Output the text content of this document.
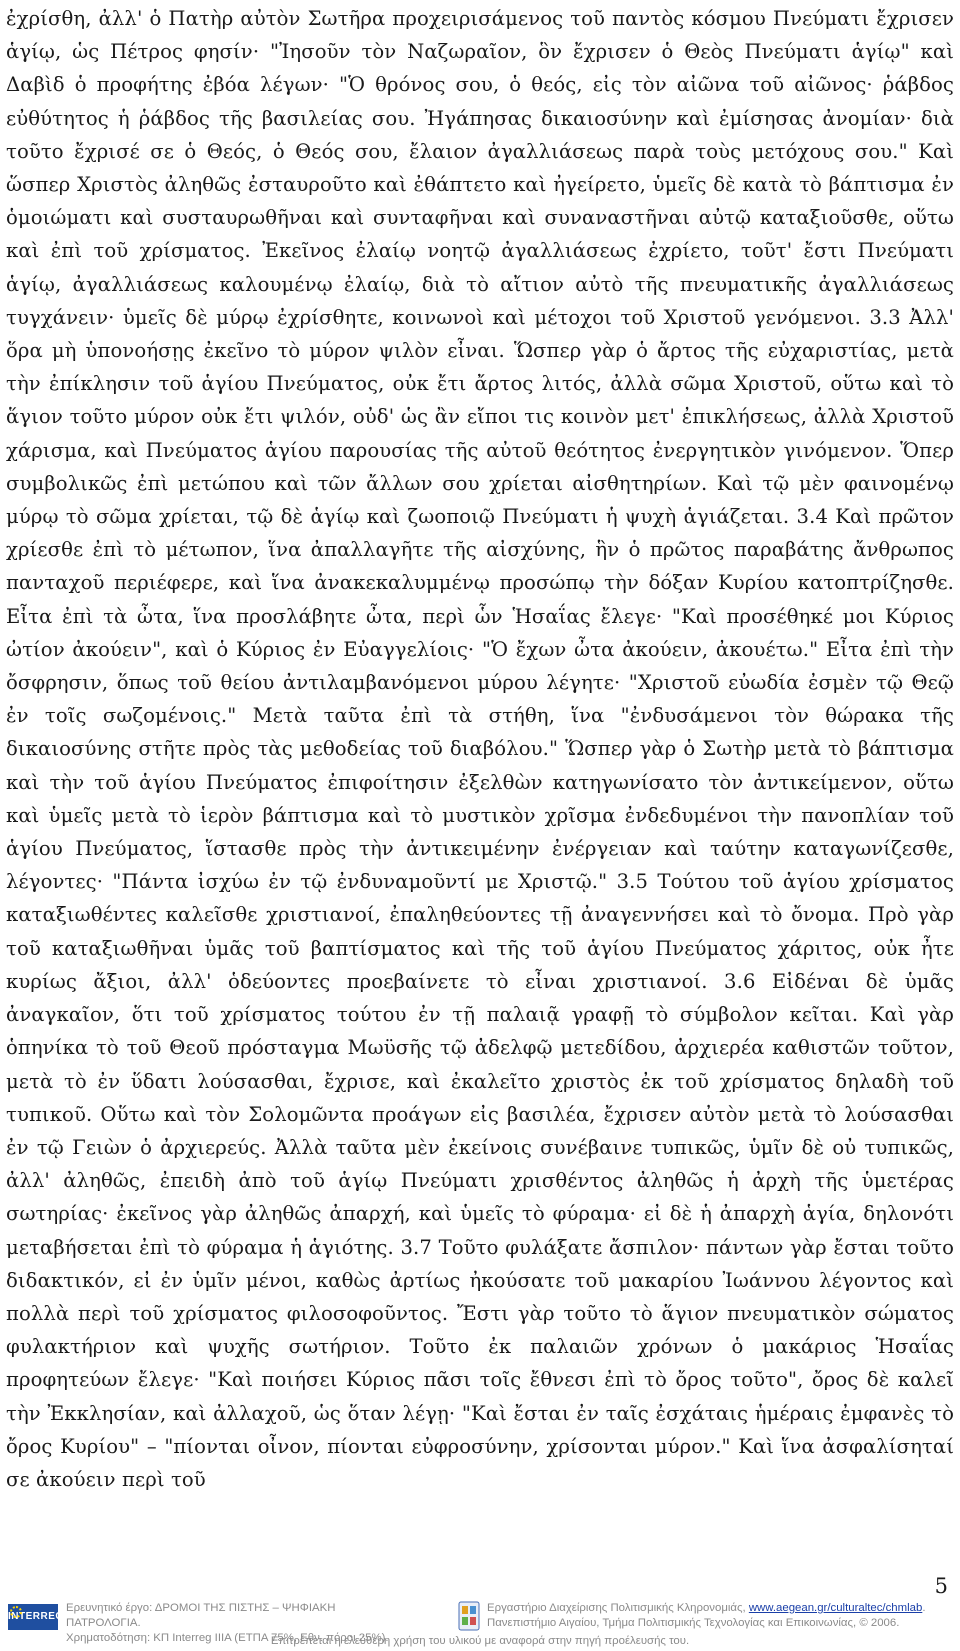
ἐχρίσθη, ἀλλ' ὁ Πατὴρ αὐτὸν Σωτῆρα προχειρισάμενος τοῦ παντὸς κόσμου Πνεύματι ἔχρισεν ἁγίῳ, ὡς Πέτρος φησίν· "Ἰησοῦν τὸν Ναζωραῖον, ὃν ἔχρισεν ὁ Θεὸς Πνεύματι ἁγίῳ" καὶ Δαβὶδ ὁ προφήτης ἐβόα λέγων· "Ὁ θρόνος σου, ὁ θεός, εἰς τὸν αἰῶνα τοῦ αἰῶνος· ῥάβδος εὐθύτητος ἡ ῥάβδος τῆς βασιλείας σου. Ἠγάπησας δικαιοσύνην καὶ ἐμίσησας ἀνομίαν· διὰ τοῦτο ἔχρισέ σε ὁ Θεός, ὁ Θεός σου, ἔλαιον ἀγαλλιάσεως παρὰ τοὺς μετόχους σου." Καὶ ὥσπερ Χριστὸς ἀληθῶς ἐσταυροῦτο καὶ ἐθάπτετο καὶ ἠγείρετο, ὑμεῖς δὲ κατὰ τὸ βάπτισμα ἐν ὁμοιώματι καὶ συσταυρωθῆναι καὶ συνταφῆναι καὶ συναναστῆναι αὐτῷ καταξιοῦσθε, οὕτω καὶ ἐπὶ τοῦ χρίσματος. Ἐκεῖνος ἐλαίῳ νοητῷ ἀγαλλιάσεως ἐχρίετο, τοῦτ' ἔστι Πνεύματι ἁγίῳ, ἀγαλλιάσεως καλουμένῳ ἐλαίῳ, διὰ τὸ αἴτιον αὐτὸ τῆς πνευματικῆς ἀγαλλιάσεως τυγχάνειν· ὑμεῖς δὲ μύρῳ ἐχρίσθητε, κοινωνοὶ καὶ μέτοχοι τοῦ Χριστοῦ γενόμενοι. 3.3 Ἀλλ' ὅρα μὴ ὑπονοήσῃς ἐκεῖνο τὸ μύρον ψιλὸν εἶναι. Ὥσπερ γὰρ ὁ ἄρτος τῆς εὐχαριστίας, μετὰ τὴν ἐπίκλησιν τοῦ ἁγίου Πνεύματος, οὐκ ἔτι ἄρτος λιτός, ἀλλὰ σῶμα Χριστοῦ, οὕτω καὶ τὸ ἅγιον τοῦτο μύρον οὐκ ἔτι ψιλόν, οὐδ' ὡς ἂν εἴποι τις κοινὸν μετ' ἐπικλήσεως, ἀλλὰ Χριστοῦ χάρισμα, καὶ Πνεύματος ἁγίου παρουσίας τῆς αὐτοῦ θεότητος ἐνεργητικὸν γινόμενον. Ὅπερ συμβολικῶς ἐπὶ μετώπου καὶ τῶν ἄλλων σου χρίεται αἰσθητηρίων. Καὶ τῷ μὲν φαινομένῳ μύρῳ τὸ σῶμα χρίεται, τῷ δὲ ἁγίῳ καὶ ζωοποιῷ Πνεύματι ἡ ψυχὴ ἁγιάζεται. 3.4 Καὶ πρῶτον χρίεσθε ἐπὶ τὸ μέτωπον, ἵνα ἀπαλλαγῆτε τῆς αἰσχύνης, ἣν ὁ πρῶτος παραβάτης ἄνθρωπος πανταχοῦ περιέφερε, καὶ ἵνα ἀνακεκαλυμμένῳ προσώπῳ τὴν δόξαν Κυρίου κατοπτρίζησθε. Εἶτα ἐπὶ τὰ ὦτα, ἵνα προσλάβητε ὦτα, περὶ ὧν Ἡσαΐας ἔλεγε· "Καὶ προσέθηκέ μοι Κύριος ὠτίον ἀκούειν", καὶ ὁ Κύριος ἐν Εὐαγγελίοις· "Ὁ ἔχων ὦτα ἀκούειν, ἀκουέτω." Εἶτα ἐπὶ τὴν ὄσφρησιν, ὅπως τοῦ θείου ἀντιλαμβανόμενοι μύρου λέγητε· "Χριστοῦ εὐωδία ἐσμὲν τῷ Θεῷ ἐν τοῖς σωζομένοις." Μετὰ ταῦτα ἐπὶ τὰ στήθη, ἵνα "ἐνδυσάμενοι τὸν θώρακα τῆς δικαιοσύνης στῆτε πρὸς τὰς μεθοδείας τοῦ διαβόλου." Ὥσπερ γὰρ ὁ Σωτὴρ μετὰ τὸ βάπτισμα καὶ τὴν τοῦ ἁγίου Πνεύματος ἐπιφοίτησιν ἐξελθὼν κατηγωνίσατο τὸν ἀντικείμενον, οὕτω καὶ ὑμεῖς μετὰ τὸ ἱερὸν βάπτισμα καὶ τὸ μυστικὸν χρῖσμα ἐνδεδυμένοι τὴν πανοπλίαν τοῦ ἁγίου Πνεύματος, ἵστασθε πρὸς τὴν ἀντικειμένην ἐνέργειαν καὶ ταύτην καταγωνίζεσθε, λέγοντες· "Πάντα ἰσχύω ἐν τῷ ἐνδυναμοῦντί με Χριστῷ." 3.5 Τούτου τοῦ ἁγίου χρίσματος καταξιωθέντες καλεῖσθε χριστιανοί, ἐπαληθεύοντες τῇ ἀναγεννήσει καὶ τὸ ὄνομα. Πρὸ γὰρ τοῦ καταξιωθῆναι ὑμᾶς τοῦ βαπτίσματος καὶ τῆς τοῦ ἁγίου Πνεύματος χάριτος, οὐκ ἦτε κυρίως ἄξιοι, ἀλλ' ὁδεύοντες προεβαίνετε τὸ εἶναι χριστιανοί. 3.6 Εἰδέναι δὲ ὑμᾶς ἀναγκαῖον, ὅτι τοῦ χρίσματος τούτου ἐν τῇ παλαιᾷ γραφῇ τὸ σύμβολον κεῖται. Καὶ γὰρ ὁπηνίκα τὸ τοῦ Θεοῦ πρόσταγμα Μωϋσῆς τῷ ἀδελφῷ μετεδίδου, ἀρχιερέα καθιστῶν τοῦτον, μετὰ τὸ ἐν ὕδατι λούσασθαι, ἔχρισε, καὶ ἐκαλεῖτο χριστὸς ἐκ τοῦ χρίσματος δηλαδὴ τοῦ τυπικοῦ. Οὕτω καὶ τὸν Σολομῶντα προάγων εἰς βασιλέα, ἔχρισεν αὐτὸν μετὰ τὸ λούσασθαι ἐν τῷ Γειὼν ὁ ἀρχιερεύς. Ἀλλὰ ταῦτα μὲν ἐκείνοις συνέβαινε τυπικῶς, ὑμῖν δὲ οὐ τυπικῶς, ἀλλ' ἀληθῶς, ἐπειδὴ ἀπὸ τοῦ ἁγίῳ Πνεύματι χρισθέντος ἀληθῶς ἡ ἀρχὴ τῆς ὑμετέρας σωτηρίας· ἐκεῖνος γὰρ ἀληθῶς ἀπαρχή, καὶ ὑμεῖς τὸ φύραμα· εἰ δὲ ἡ ἀπαρχὴ ἁγία, δηλονότι μεταβήσεται ἐπὶ τὸ φύραμα ἡ ἁγιότης. 3.7 Τοῦτο φυλάξατε ἄσπιλον· πάντων γὰρ ἔσται τοῦτο διδακτικόν, εἰ ἐν ὑμῖν μένοι, καθὼς ἀρτίως ἠκούσατε τοῦ μακαρίου Ἰωάννου λέγοντος καὶ πολλὰ περὶ τοῦ χρίσματος φιλοσοφοῦντος. Ἔστι γὰρ τοῦτο τὸ ἅγιον πνευματικὸν σώματος φυλακτήριον καὶ ψυχῆς σωτήριον. Τοῦτο ἐκ παλαιῶν χρόνων ὁ μακάριος Ἡσαΐας προφητεύων ἔλεγε· "Καὶ ποιήσει Κύριος πᾶσι τοῖς ἔθνεσι ἐπὶ τὸ ὄρος τοῦτο", ὄρος δὲ καλεῖ τὴν Ἐκκλησίαν, καὶ ἀλλαχοῦ, ὡς ὅταν λέγῃ· "Καὶ ἔσται ἐν ταῖς ἐσχάταις ἡμέραις ἐμφανὲς τὸ ὄρος Κυρίου" – "πίονται οἶνον, πίονται εὐφροσύνην, χρίσονται μύρον." Καὶ ἵνα ἀσφαλίσηταί σε ἀκούειν περὶ τοῦ

5
INTERREG
Ερευνητικό έργο: ΔΡΟΜΟΙ ΤΗΣ ΠΙΣΤΗΣ – ΨΗΦΙΑΚΗ ΠΑΤΡΟΛΟΓΙΑ.
Χρηματοδότηση: ΚΠ Interreg IIIA (ΕΤΠΑ 75%, Εθν. πόροι 25%).
Εργαστήριο Διαχείρισης Πολιτισμικής Κληρονομιάς, www.aegean.gr/culturaltec/chmlab.
Πανεπιστήμιο Αιγαίου, Τμήμα Πολιτισμικής Τεχνολογίας και Επικοινωνίας, © 2006.
Επιτρέπεται η ελεύθερη χρήση του υλικού με αναφορά στην πηγή προέλευσής του.
